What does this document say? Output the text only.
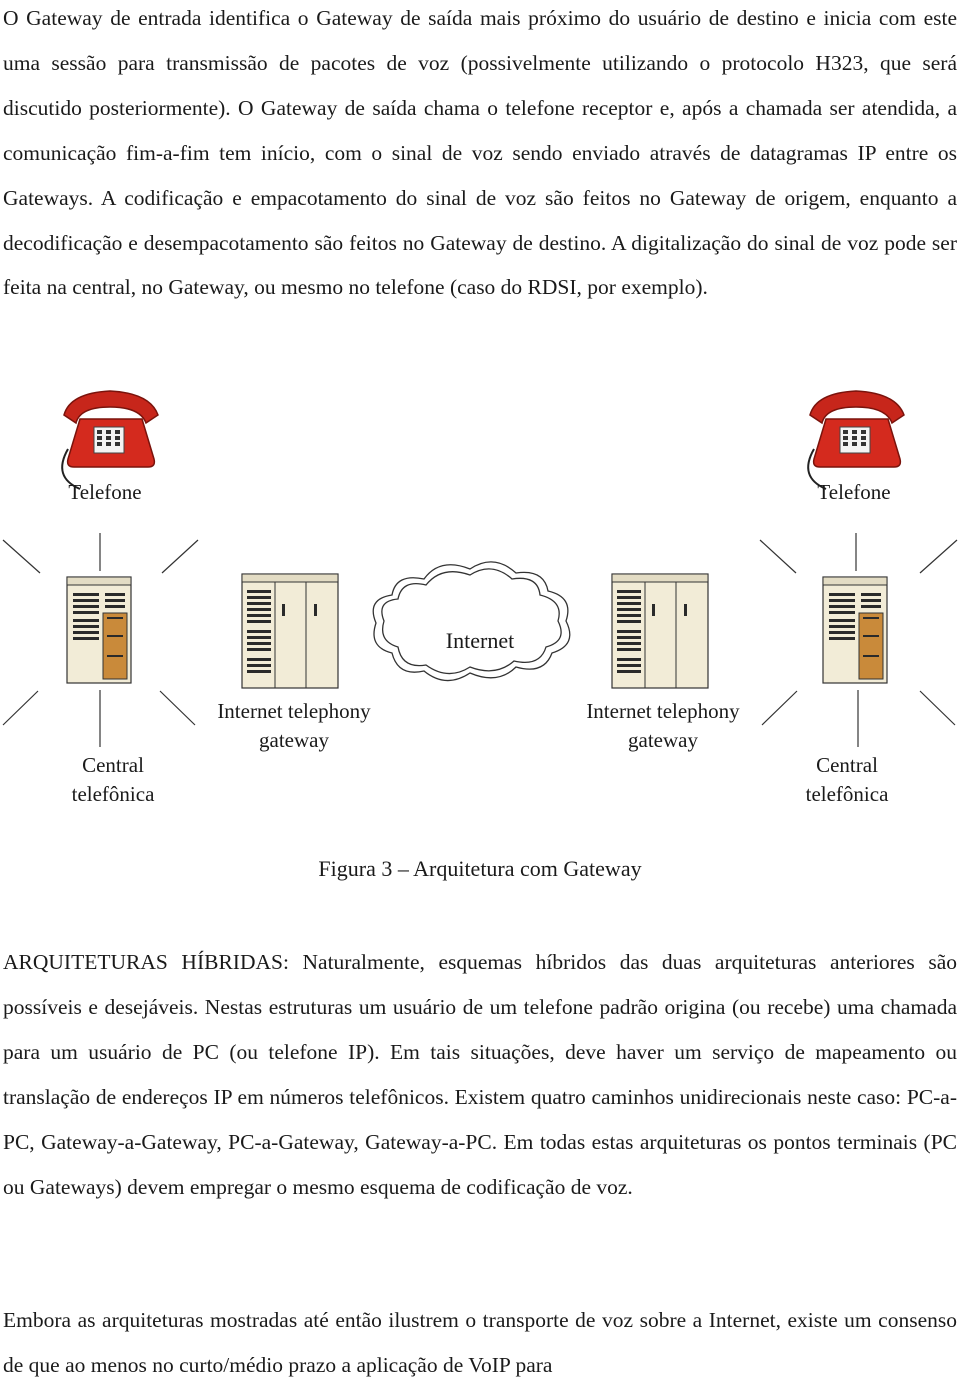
O Gateway de entrada identifica o Gateway de saída mais próximo do usuário de destino e inicia com este uma sessão para transmissão de pacotes de voz (possivelmente utilizando o protocolo H323, que será discutido posteriormente). O Gateway de saída chama o telefone receptor e, após a chamada ser atendida, a comunicação fim-a-fim tem início, com o sinal de voz sendo enviado através de datagramas IP entre os Gateways. A codificação e empacotamento do sinal de voz são feitos no Gateway de origem, enquanto a decodificação e desempacotamento são feitos no Gateway de destino. A digitalização do sinal de voz pode ser feita na central, no Gateway, ou mesmo no telefone (caso do RDSI, por exemplo).

Telefone	Telefone
Internet
Internet telephony
gateway
Internet telephony
gateway
Central
telefônica
Central
telefônica
Figura 3 – Arquitetura com Gateway

ARQUITETURAS HÍBRIDAS: Naturalmente, esquemas híbridos das duas arquiteturas anteriores são possíveis e desejáveis. Nestas estruturas um usuário de um telefone padrão origina (ou recebe) uma chamada para um usuário de PC (ou telefone IP). Em tais situações, deve haver um serviço de mapeamento ou translação de endereços IP em números telefônicos. Existem quatro caminhos unidirecionais neste caso: PC-a-PC, Gateway-a-Gateway, PC-a-Gateway, Gateway-a-PC. Em todas estas arquiteturas os pontos terminais (PC ou Gateways) devem empregar o mesmo esquema de codificação de voz.

Embora as arquiteturas mostradas até então ilustrem o transporte de voz sobre a Internet, existe um consenso de que ao menos no curto/médio prazo a aplicação de VoIP para
